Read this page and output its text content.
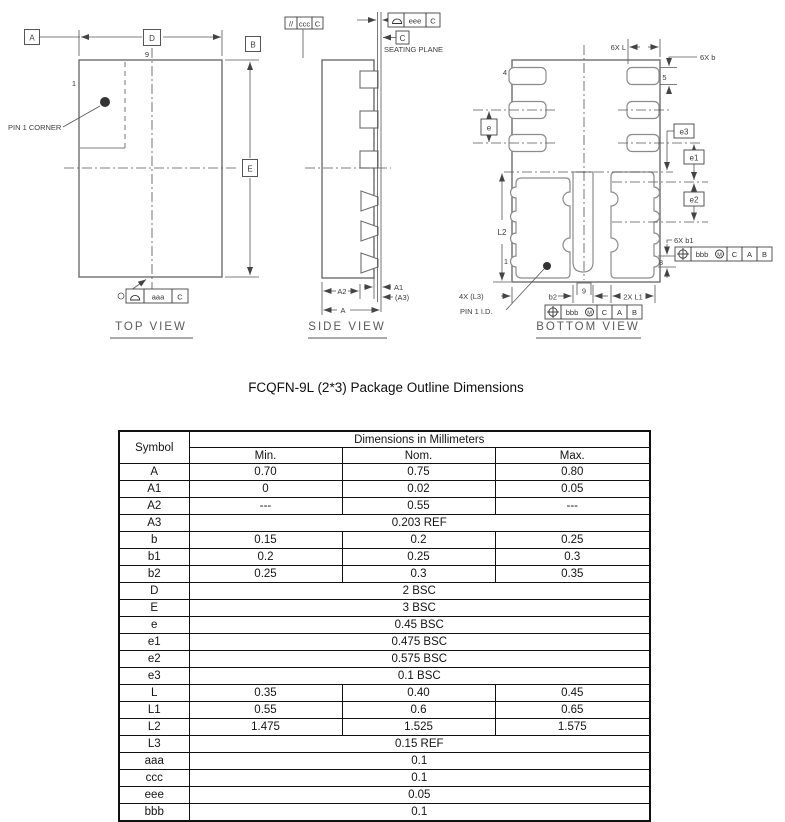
A
B
D
E
9
1
PIN 1 CORNER
aaa C
TOP VIEW
// ccc C	eee C
C
SEATING PLANE
A2	A1
(A3)
A
SIDE VIEW
PIN 1 I.D.
e	e3
e1
e2
6X L
6X b
6X b1
L2
4X (L3)	b2	2X L1
4
5
1	8
9
bbb M C A B
bbb M C A B
BOTTOM VIEW
FCQFN-9L (2*3) Package Outline Dimensions
Symbol	Dimensions in Millimeters		
	Min.	Nom.	Max.
A	0.70	0.75	0.80
A1	0	0.02	0.05
A2	---	0.55	---
A3	0.203 REF		
b	0.15	0.2	0.25
b1	0.2	0.25	0.3
b2	0.25	0.3	0.35
D	2 BSC		
E	3 BSC		
e	0.45 BSC		
e1	0.475 BSC		
e2	0.575 BSC		
e3	0.1 BSC		
L	0.35	0.40	0.45
L1	0.55	0.6	0.65
L2	1.475	1.525	1.575
L3	0.15 REF		
aaa	0.1		
ccc	0.1		
eee	0.05		
bbb	0.1		
